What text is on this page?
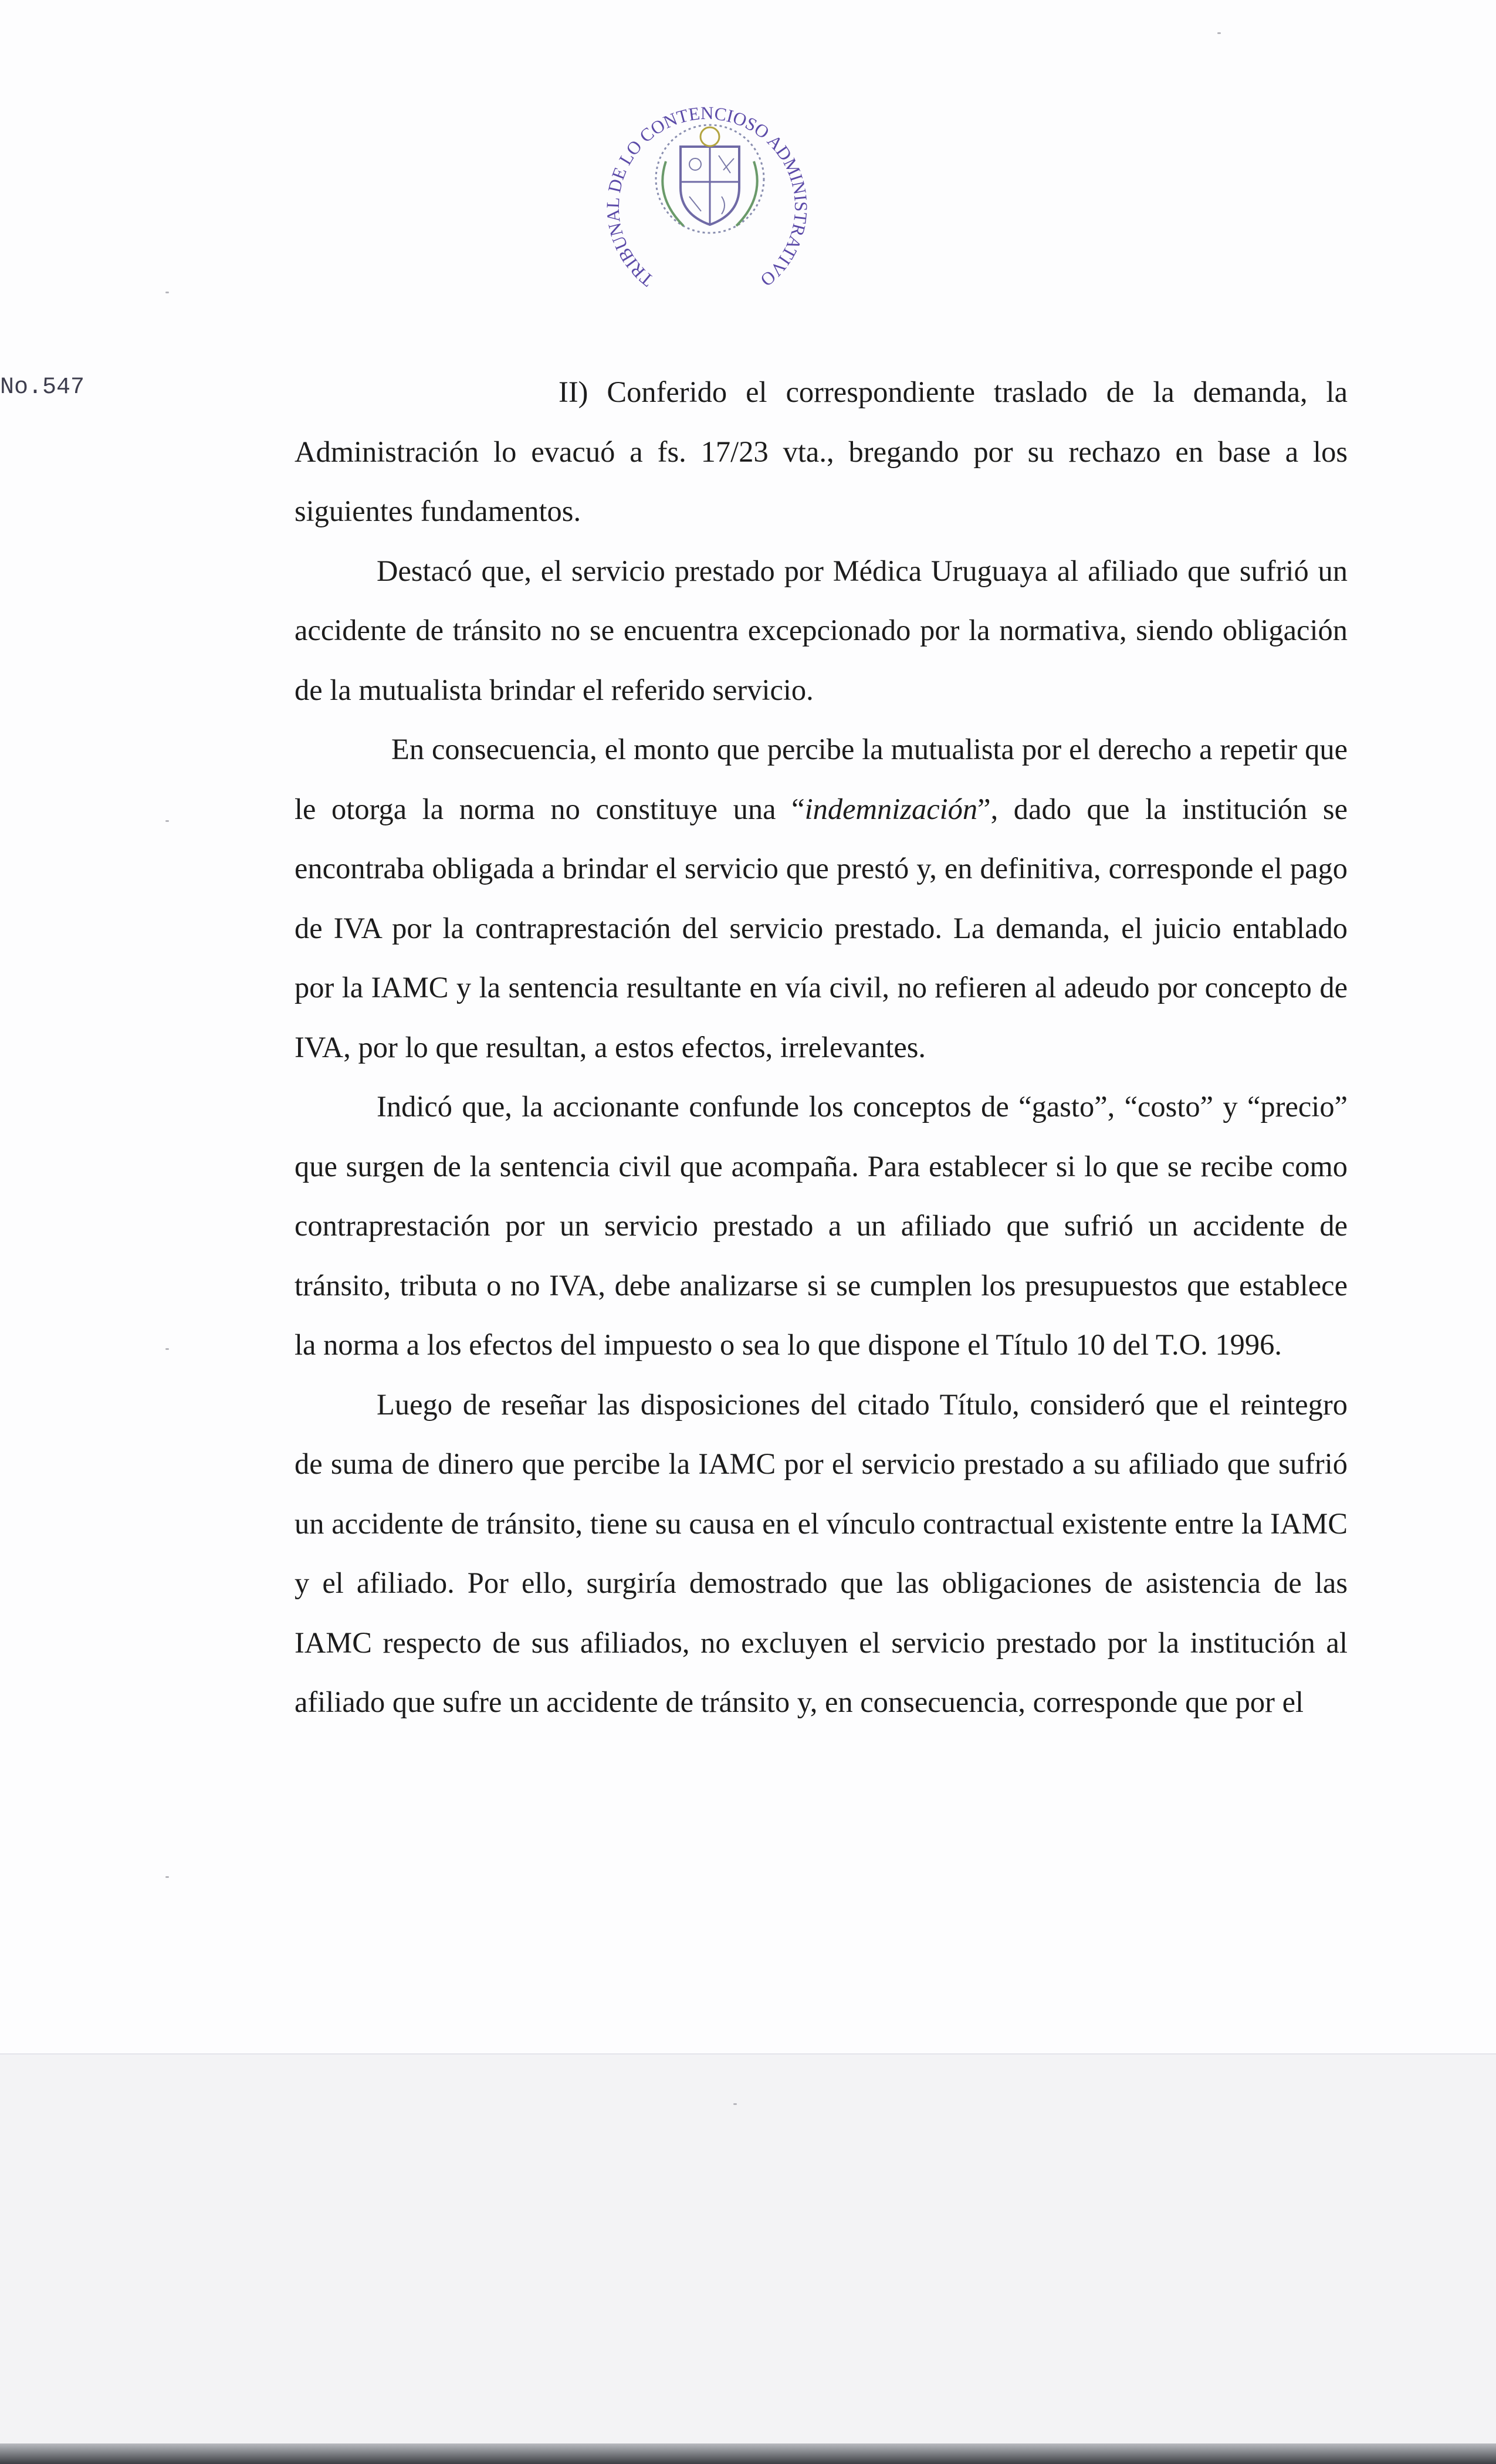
TRIBUNAL DE LO CONTENCIOSO ADMINISTRATIVO
No.547	II) Conferido el correspondiente traslado de la demanda, la Administración lo evacuó a fs. 17/23 vta., bregando por su rechazo en base a los siguientes fundamentos.

Destacó que, el servicio prestado por Médica Uruguaya al afiliado que sufrió un accidente de tránsito no se encuentra excepcionado por la normativa, siendo obligación de la mutualista brindar el referido servicio.

En consecuencia, el monto que percibe la mutualista por el derecho a repetir que le otorga la norma no constituye una “indemnización”, dado que la institución se encontraba obligada a brindar el servicio que prestó y, en definitiva, corresponde el pago de IVA por la contraprestación del servicio prestado. La demanda, el juicio entablado por la IAMC y la sentencia resultante en vía civil, no refieren al adeudo por concepto de IVA, por lo que resultan, a estos efectos, irrelevantes.

Indicó que, la accionante confunde los conceptos de “gasto”, “costo” y “precio” que surgen de la sentencia civil que acompaña. Para establecer si lo que se recibe como contraprestación por un servicio prestado a un afiliado que sufrió un accidente de tránsito, tributa o no IVA, debe analizarse si se cumplen los presupuestos que establece la norma a los efectos del impuesto o sea lo que dispone el Título 10 del T.O. 1996.

Luego de reseñar las disposiciones del citado Título, consideró que el reintegro de suma de dinero que percibe la IAMC por el servicio prestado a su afiliado que sufrió un accidente de tránsito, tiene su causa en el vínculo contractual existente entre la IAMC y el afiliado. Por ello, surgiría demostrado que las obligaciones de asistencia de las IAMC respecto de sus afiliados, no excluyen el servicio prestado por la institución al afiliado que sufre un accidente de tránsito y, en consecuencia, corresponde que por el
